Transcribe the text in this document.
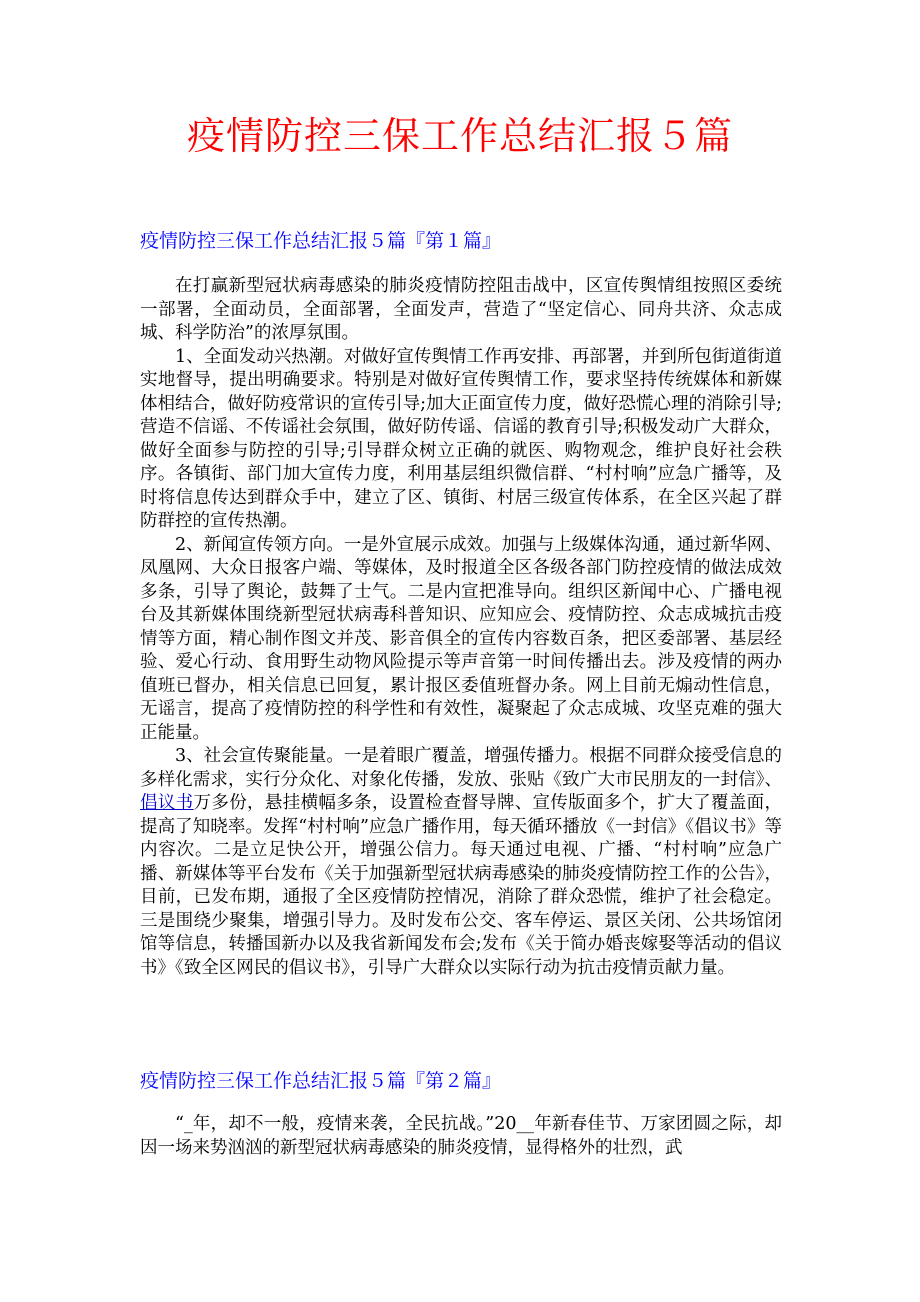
疫情防控三保工作总结汇报５篇
疫情防控三保工作总结汇报５篇『第１篇』

在打赢新型冠状病毒感染的肺炎疫情防控阻击战中，区宣传舆情组按照区委统一部署，全面动员，全面部署，全面发声，营造了“坚定信心、同舟共济、众志成城、科学防治”的浓厚氛围。

1、全面发动兴热潮。对做好宣传舆情工作再安排、再部署，并到所包街道街道实地督导，提出明确要求。特别是对做好宣传舆情工作，要求坚持传统媒体和新媒体相结合，做好防疫常识的宣传引导;加大正面宣传力度，做好恐慌心理的消除引导;营造不信谣、不传谣社会氛围，做好防传谣、信谣的教育引导;积极发动广大群众，做好全面参与防控的引导;引导群众树立正确的就医、购物观念，维护良好社会秩序。各镇街、部门加大宣传力度，利用基层组织微信群、“村村响”应急广播等，及时将信息传达到群众手中，建立了区、镇街、村居三级宣传体系，在全区兴起了群防群控的宣传热潮。

2、新闻宣传领方向。一是外宣展示成效。加强与上级媒体沟通，通过新华网、凤凰网、大众日报客户端、等媒体，及时报道全区各级各部门防控疫情的做法成效多条，引导了舆论，鼓舞了士气。二是内宣把准导向。组织区新闻中心、广播电视台及其新媒体围绕新型冠状病毒科普知识、应知应会、疫情防控、众志成城抗击疫情等方面，精心制作图文并茂、影音俱全的宣传内容数百条，把区委部署、基层经验、爱心行动、食用野生动物风险提示等声音第一时间传播出去。涉及疫情的两办值班已督办，相关信息已回复，累计报区委值班督办条。网上目前无煽动性信息，无谣言，提高了疫情防控的科学性和有效性，凝聚起了众志成城、攻坚克难的强大正能量。

3、社会宣传聚能量。一是着眼广覆盖，增强传播力。根据不同群众接受信息的多样化需求，实行分众化、对象化传播，发放、张贴《致广大市民朋友的一封信》、倡议书万多份，悬挂横幅多条，设置检查督导牌、宣传版面多个，扩大了覆盖面，提高了知晓率。发挥“村村响”应急广播作用，每天循环播放《一封信》《倡议书》等内容次。二是立足快公开，增强公信力。每天通过电视、广播、“村村响”应急广播、新媒体等平台发布《关于加强新型冠状病毒感染的肺炎疫情防控工作的公告》，目前，已发布期，通报了全区疫情防控情况，消除了群众恐慌，维护了社会稳定。三是围绕少聚集，增强引导力。及时发布公交、客车停运、景区关闭、公共场馆闭馆等信息，转播国新办以及我省新闻发布会;发布《关于简办婚丧嫁娶等活动的倡议书》《致全区网民的倡议书》，引导广大群众以实际行动为抗击疫情贡献力量。

疫情防控三保工作总结汇报５篇『第２篇』

“_年，却不一般，疫情来袭，全民抗战。”20__年新春佳节、万家团圆之际，却因一场来势汹汹的新型冠状病毒感染的肺炎疫情，显得格外的壮烈，武
